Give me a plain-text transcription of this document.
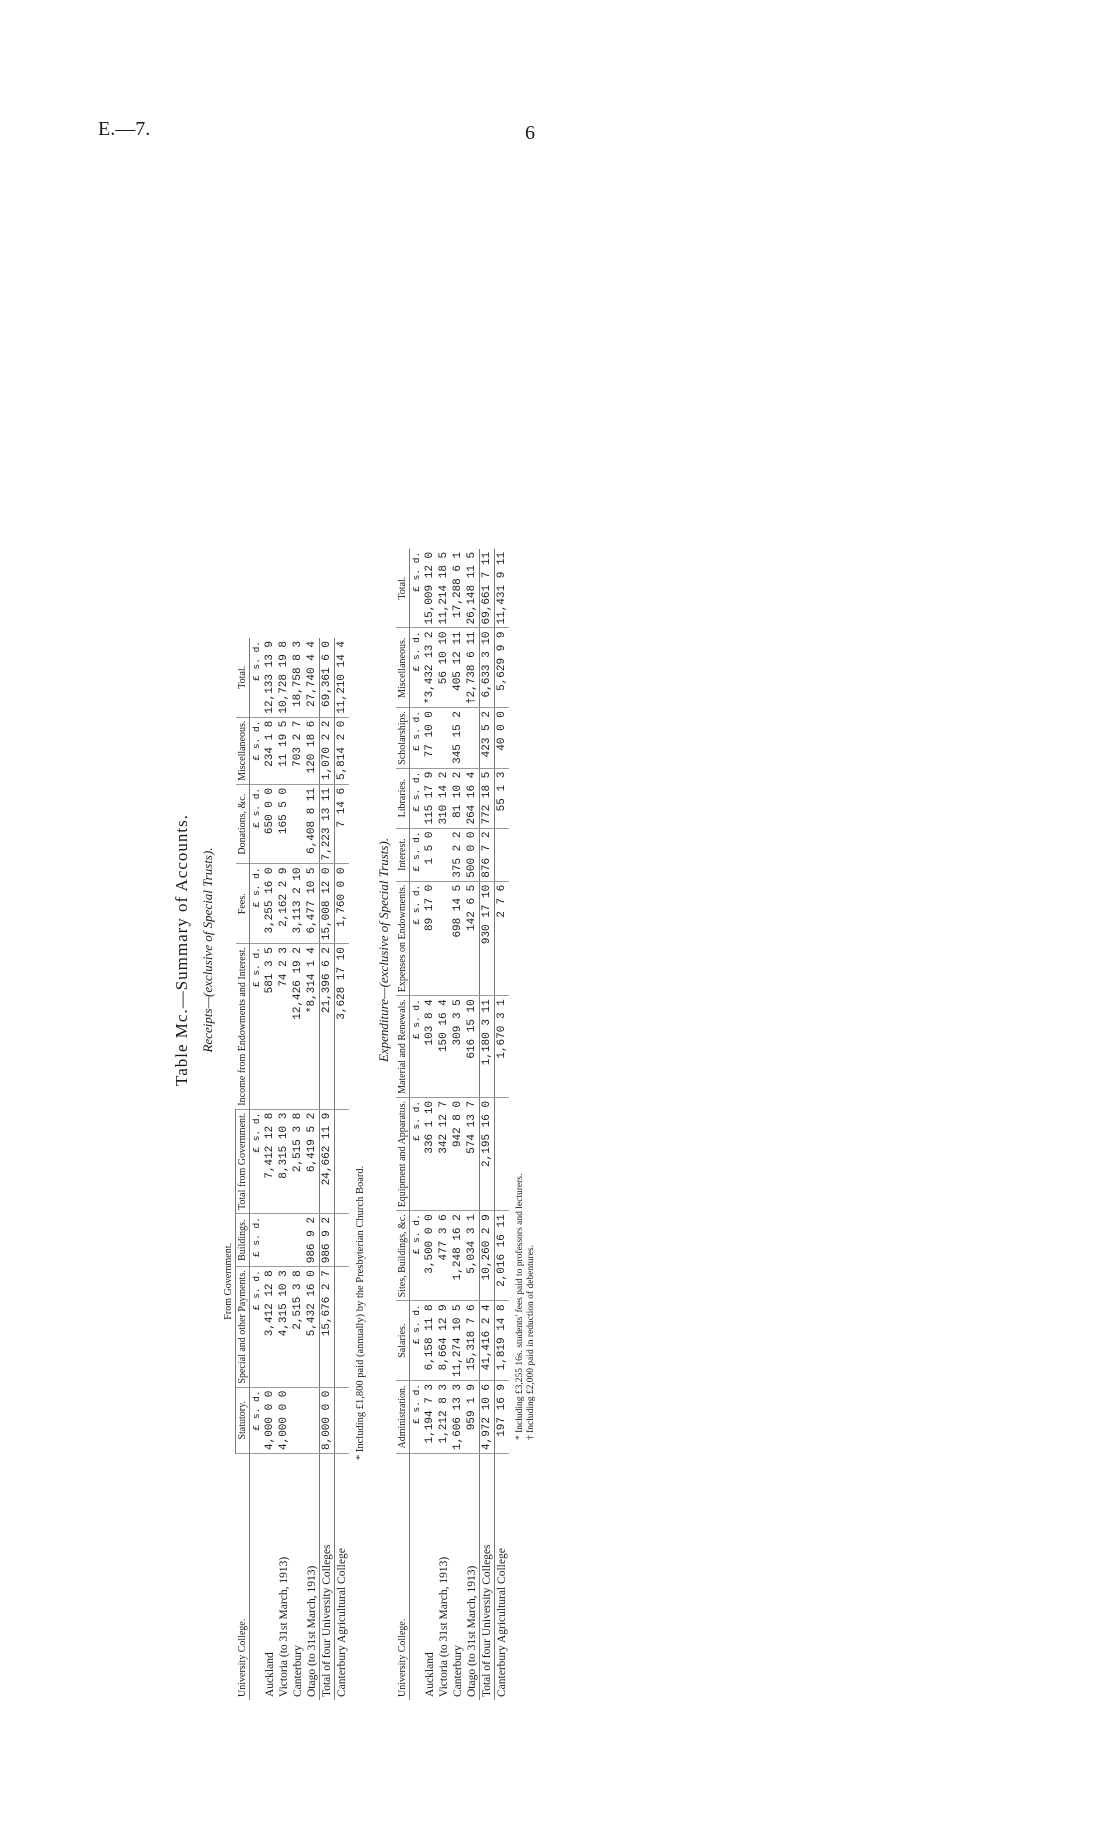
E.—7.	6
Table Mc.—Summary of Accounts. Receipts—(exclusive of Special Trusts).
	From Government.								
University College.	Statutory.	Special and other Payments.	Buildings.	Total from Government.	Income from Endowments and Interest.	Fees.	Donations, &c.	Miscellaneous.	Total.
	£ s. d.	£ s. d.	£ s. d.	£ s. d.	£ s. d.	£ s. d.	£ s. d.	£ s. d.	£ s. d.
Auckland	4,000 0 0	3,412 12 8		7,412 12 8	581 3 5	3,255 16 0	650 0 0	234 1 8	12,133 13 9
Victoria (to 31st March, 1913)	4,000 0 0	4,315 10 3		8,315 10 3	74 2 3	2,162 2 9	165 5 0	11 19 5	10,728 19 8
Canterbury		2,515 3 8		2,515 3 8	12,426 19 2	3,113 2 10		703 2 7	18,758 8 3
Otago (to 31st March, 1913)		5,432 16 0	986 9 2	6,419 5 2	*8,314 1 4	6,477 10 5	6,408 8 11	120 18 6	27,740 4 4
Total of four University Colleges	8,000 0 0	15,676 2 7	986 9 2	24,662 11 9	21,396 6 2	15,008 12 0	7,223 13 11	1,070 2 2	69,361 6 0
Canterbury Agricultural College					3,628 17 10	1,760 0 0	7 14 6	5,814 2 0	11,210 14 4
* Including £1,800 paid (annually) by the Presbyterian Church Board.
Expenditure—(exclusive of Special Trusts).
University College.	Administration.	Salaries.	Sites, Buildings, &c.	Equipment and Apparatus.	Material and Renewals.	Expenses on Endowments.	Interest.	Libraries.	Scholarships.	Miscellaneous.	Total.
	£ s. d.	£ s. d.	£ s. d.	£ s. d.	£ s. d.	£ s. d.	£ s. d.	£ s. d.	£ s. d.	£ s. d.	£ s. d.
Auckland	1,194 7 3	6,158 11 8	3,500 0 0	336 1 10	103 8 4	89 17 0	1 5 0	115 17 9	77 10 0	*3,432 13 2	15,009 12 0
Victoria (to 31st March, 1913)	1,212 8 3	8,664 12 9	477 3 6	342 12 7	150 16 4			310 14 2		56 10 10	11,214 18 5
Canterbury	1,606 13 3	11,274 10 5	1,248 16 2	942 8 0	309 3 5	698 14 5	375 2 2	81 10 2	345 15 2	405 12 11	17,288 6 1
Otago (to 31st March, 1913)	959 1 9	15,318 7 6	5,034 3 1	574 13 7	616 15 10	142 6 5	500 0 0	264 16 4		†2,738 6 11	26,148 11 5
Total of four University Colleges	4,972 10 6	41,416 2 4	10,260 2 9	2,195 16 0	1,180 3 11	930 17 10	876 7 2	772 18 5	423 5 2	6,633 3 10	69,661 7 11
Canterbury Agricultural College	197 16 9	1,819 14 8	2,016 16 11		1,670 3 1	2 7 6		55 1 3	40 0 0	5,629 9 9	11,431 9 11
* Including £3,255 16s. students' fees paid to professors and lecturers. † Including £2,000 paid in reduction of debentures.
